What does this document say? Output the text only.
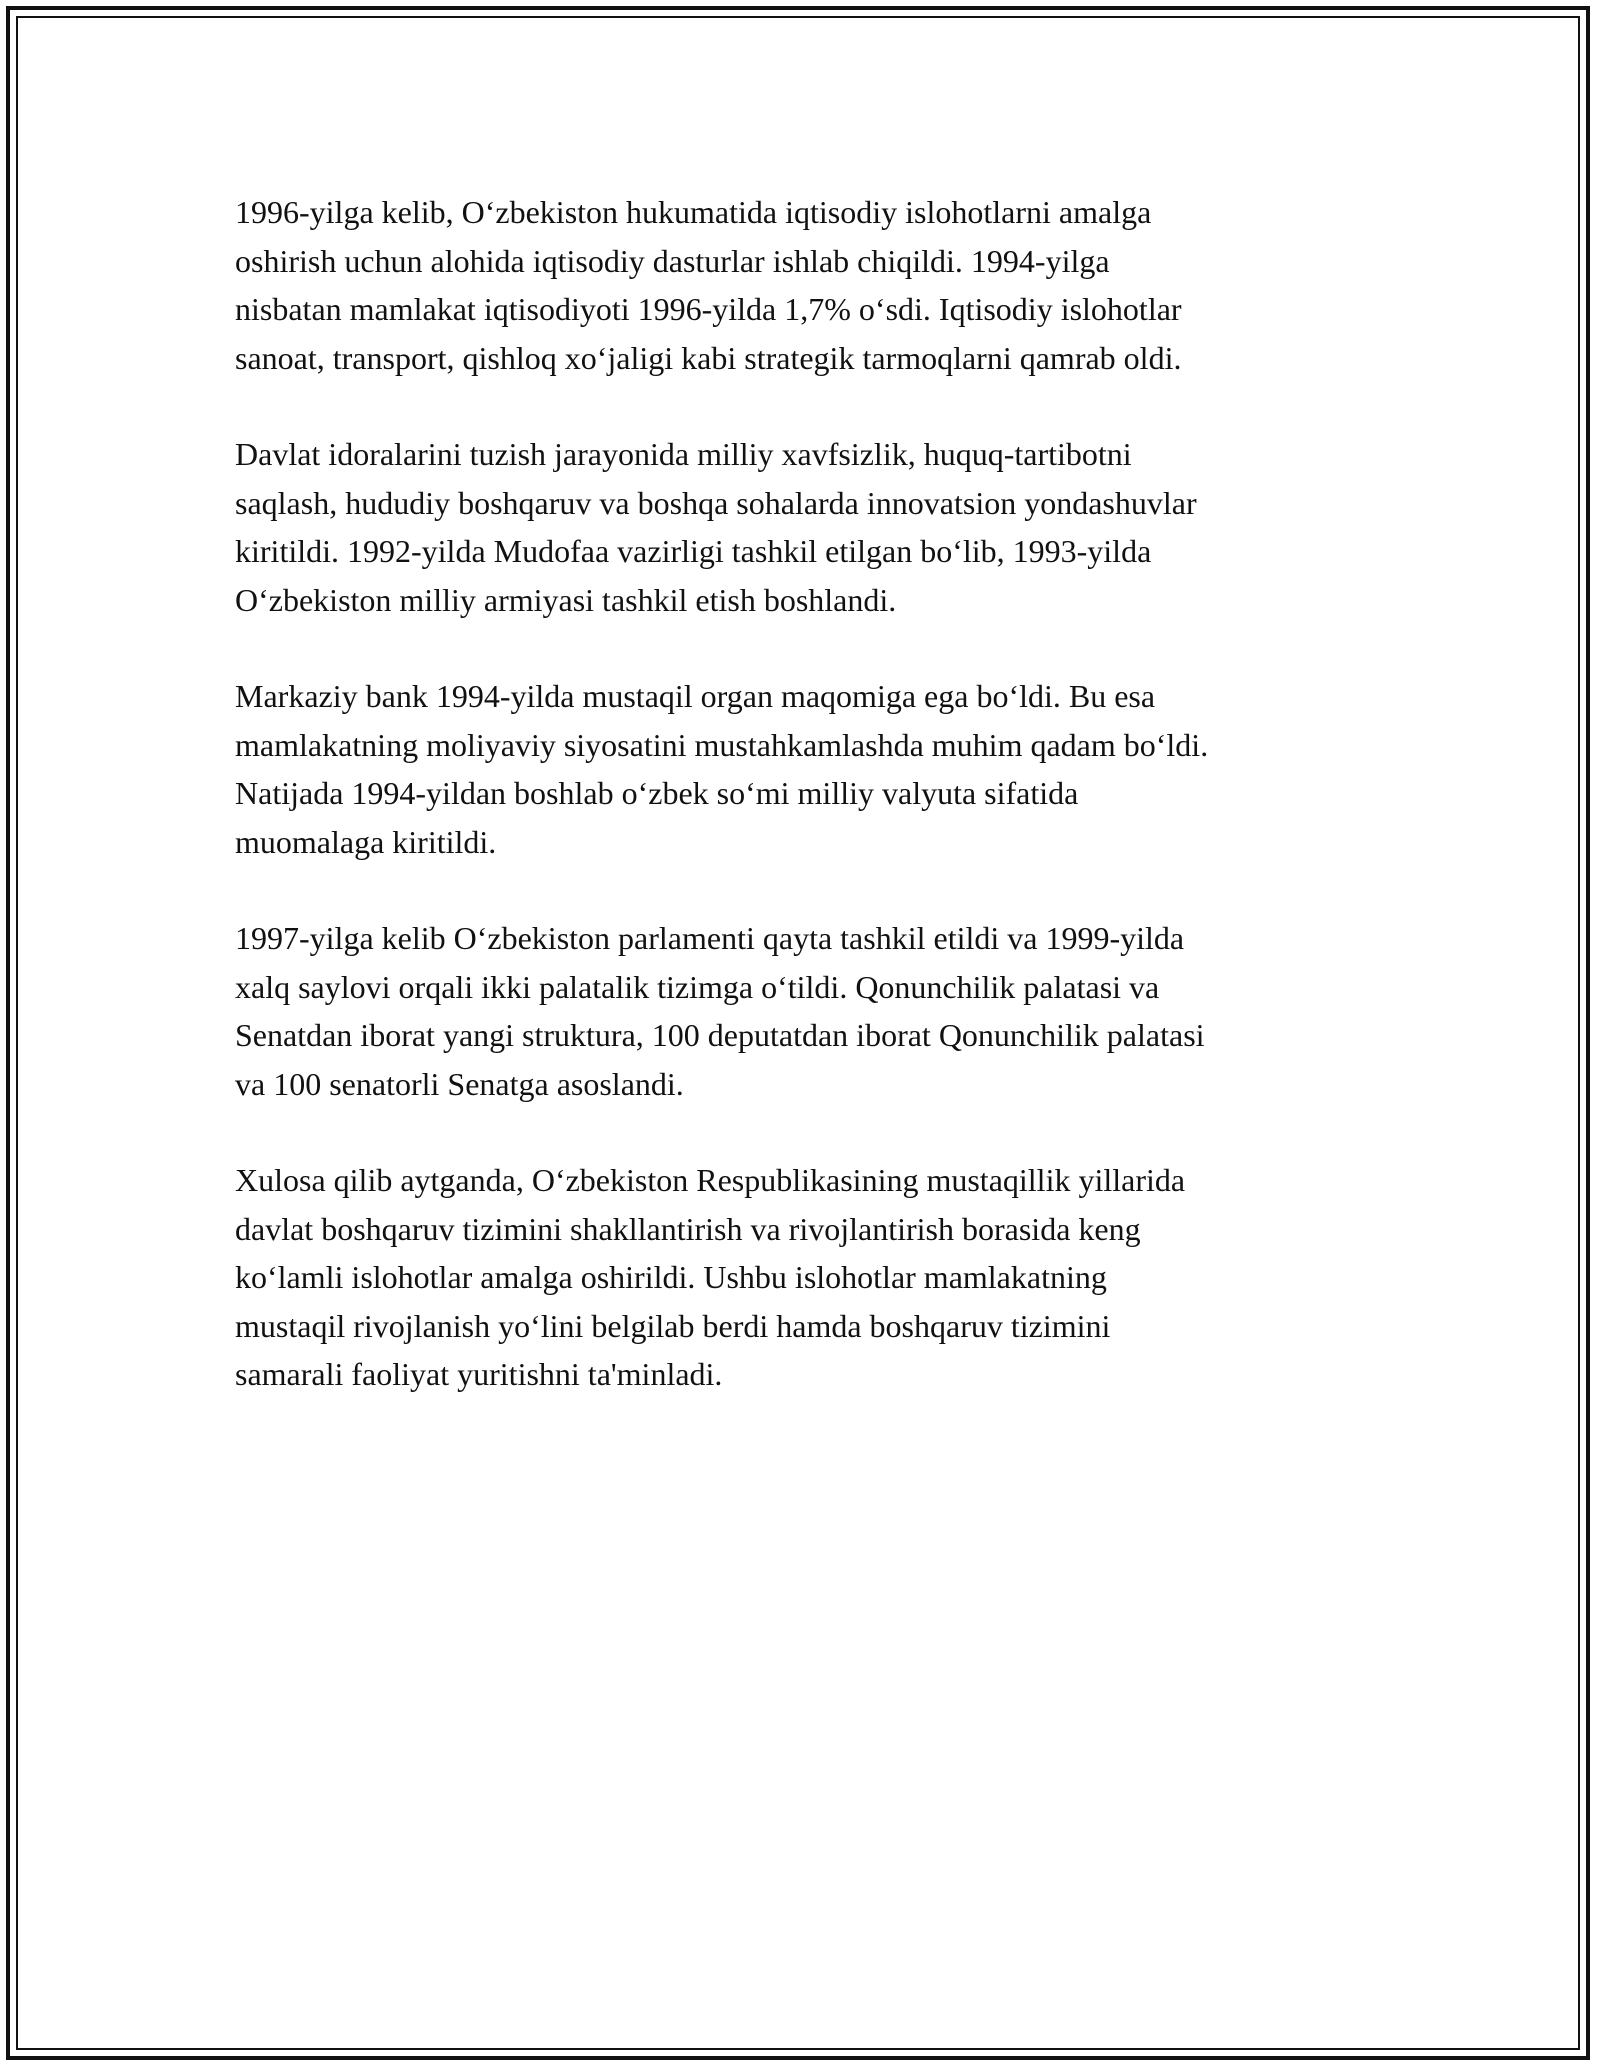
1996-yilga kelib, O‘zbekiston hukumatida iqtisodiy islohotlarni amalga
oshirish uchun alohida iqtisodiy dasturlar ishlab chiqildi. 1994-yilga
nisbatan mamlakat iqtisodiyoti 1996-yilda 1,7% o‘sdi. Iqtisodiy islohotlar
sanoat, transport, qishloq xo‘jaligi kabi strategik tarmoqlarni qamrab oldi.

Davlat idoralarini tuzish jarayonida milliy xavfsizlik, huquq-tartibotni
saqlash, hududiy boshqaruv va boshqa sohalarda innovatsion yondashuvlar
kiritildi. 1992-yilda Mudofaa vazirligi tashkil etilgan bo‘lib, 1993-yilda
O‘zbekiston milliy armiyasi tashkil etish boshlandi.

Markaziy bank 1994-yilda mustaqil organ maqomiga ega bo‘ldi. Bu esa
mamlakatning moliyaviy siyosatini mustahkamlashda muhim qadam bo‘ldi.
Natijada 1994-yildan boshlab o‘zbek so‘mi milliy valyuta sifatida
muomalaga kiritildi.

1997-yilga kelib O‘zbekiston parlamenti qayta tashkil etildi va 1999-yilda
xalq saylovi orqali ikki palatalik tizimga o‘tildi. Qonunchilik palatasi va
Senatdan iborat yangi struktura, 100 deputatdan iborat Qonunchilik palatasi
va 100 senatorli Senatga asoslandi.

Xulosa qilib aytganda, O‘zbekiston Respublikasining mustaqillik yillarida
davlat boshqaruv tizimini shakllantirish va rivojlantirish borasida keng
ko‘lamli islohotlar amalga oshirildi. Ushbu islohotlar mamlakatning
mustaqil rivojlanish yo‘lini belgilab berdi hamda boshqaruv tizimini
samarali faoliyat yuritishni ta'minladi.
